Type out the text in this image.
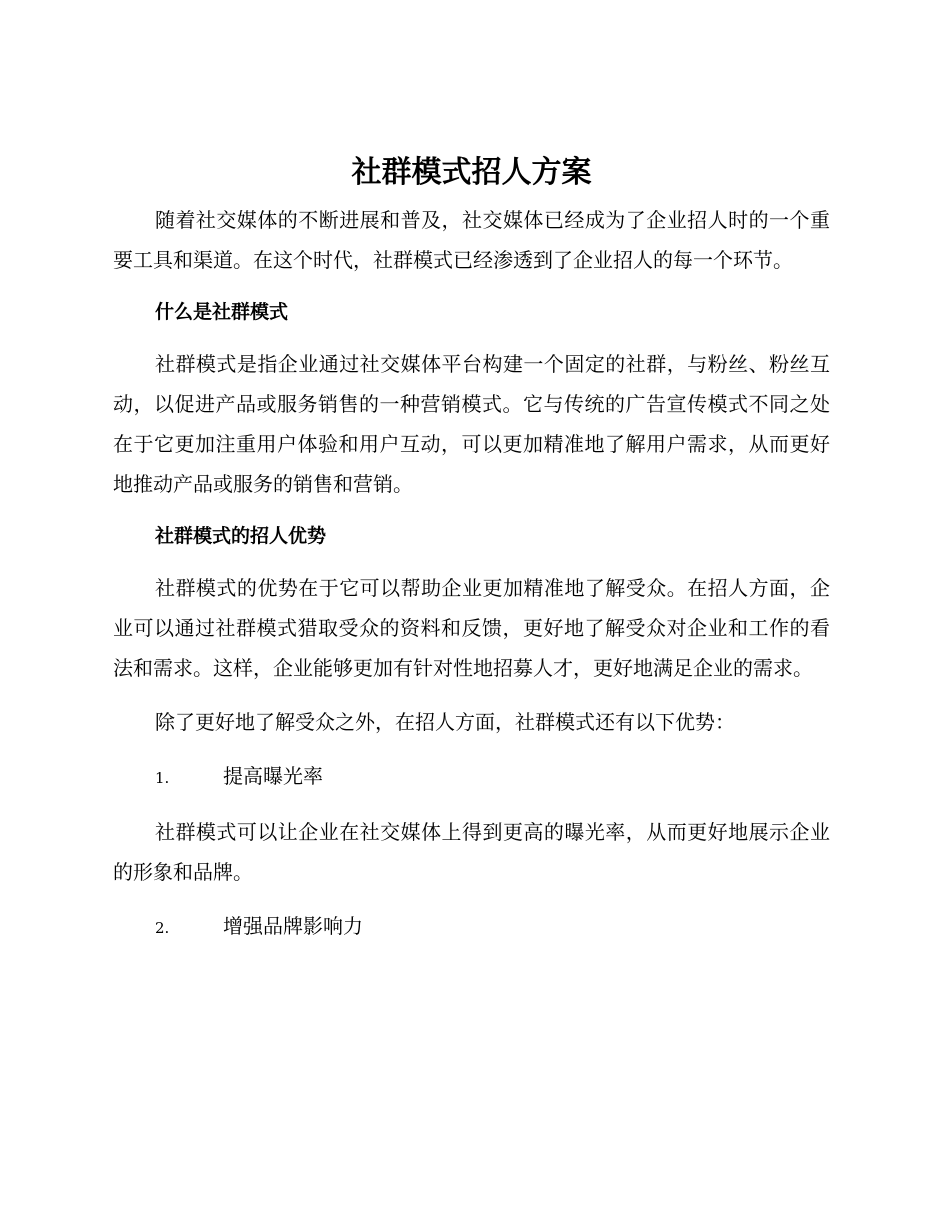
社群模式招人方案

随着社交媒体的不断进展和普及，社交媒体已经成为了企业招人时的一个重要工具和渠道。在这个时代，社群模式已经渗透到了企业招人的每一个环节。

什么是社群模式

社群模式是指企业通过社交媒体平台构建一个固定的社群，与粉丝、粉丝互动，以促进产品或服务销售的一种营销模式。它与传统的广告宣传模式不同之处在于它更加注重用户体验和用户互动，可以更加精准地了解用户需求，从而更好地推动产品或服务的销售和营销。

社群模式的招人优势

社群模式的优势在于它可以帮助企业更加精准地了解受众。在招人方面，企业可以通过社群模式猎取受众的资料和反馈，更好地了解受众对企业和工作的看法和需求。这样，企业能够更加有针对性地招募人才，更好地满足企业的需求。

除了更好地了解受众之外，在招人方面，社群模式还有以下优势：

1.	提高曝光率

社群模式可以让企业在社交媒体上得到更高的曝光率，从而更好地展示企业的形象和品牌。

2.	增强品牌影响力
